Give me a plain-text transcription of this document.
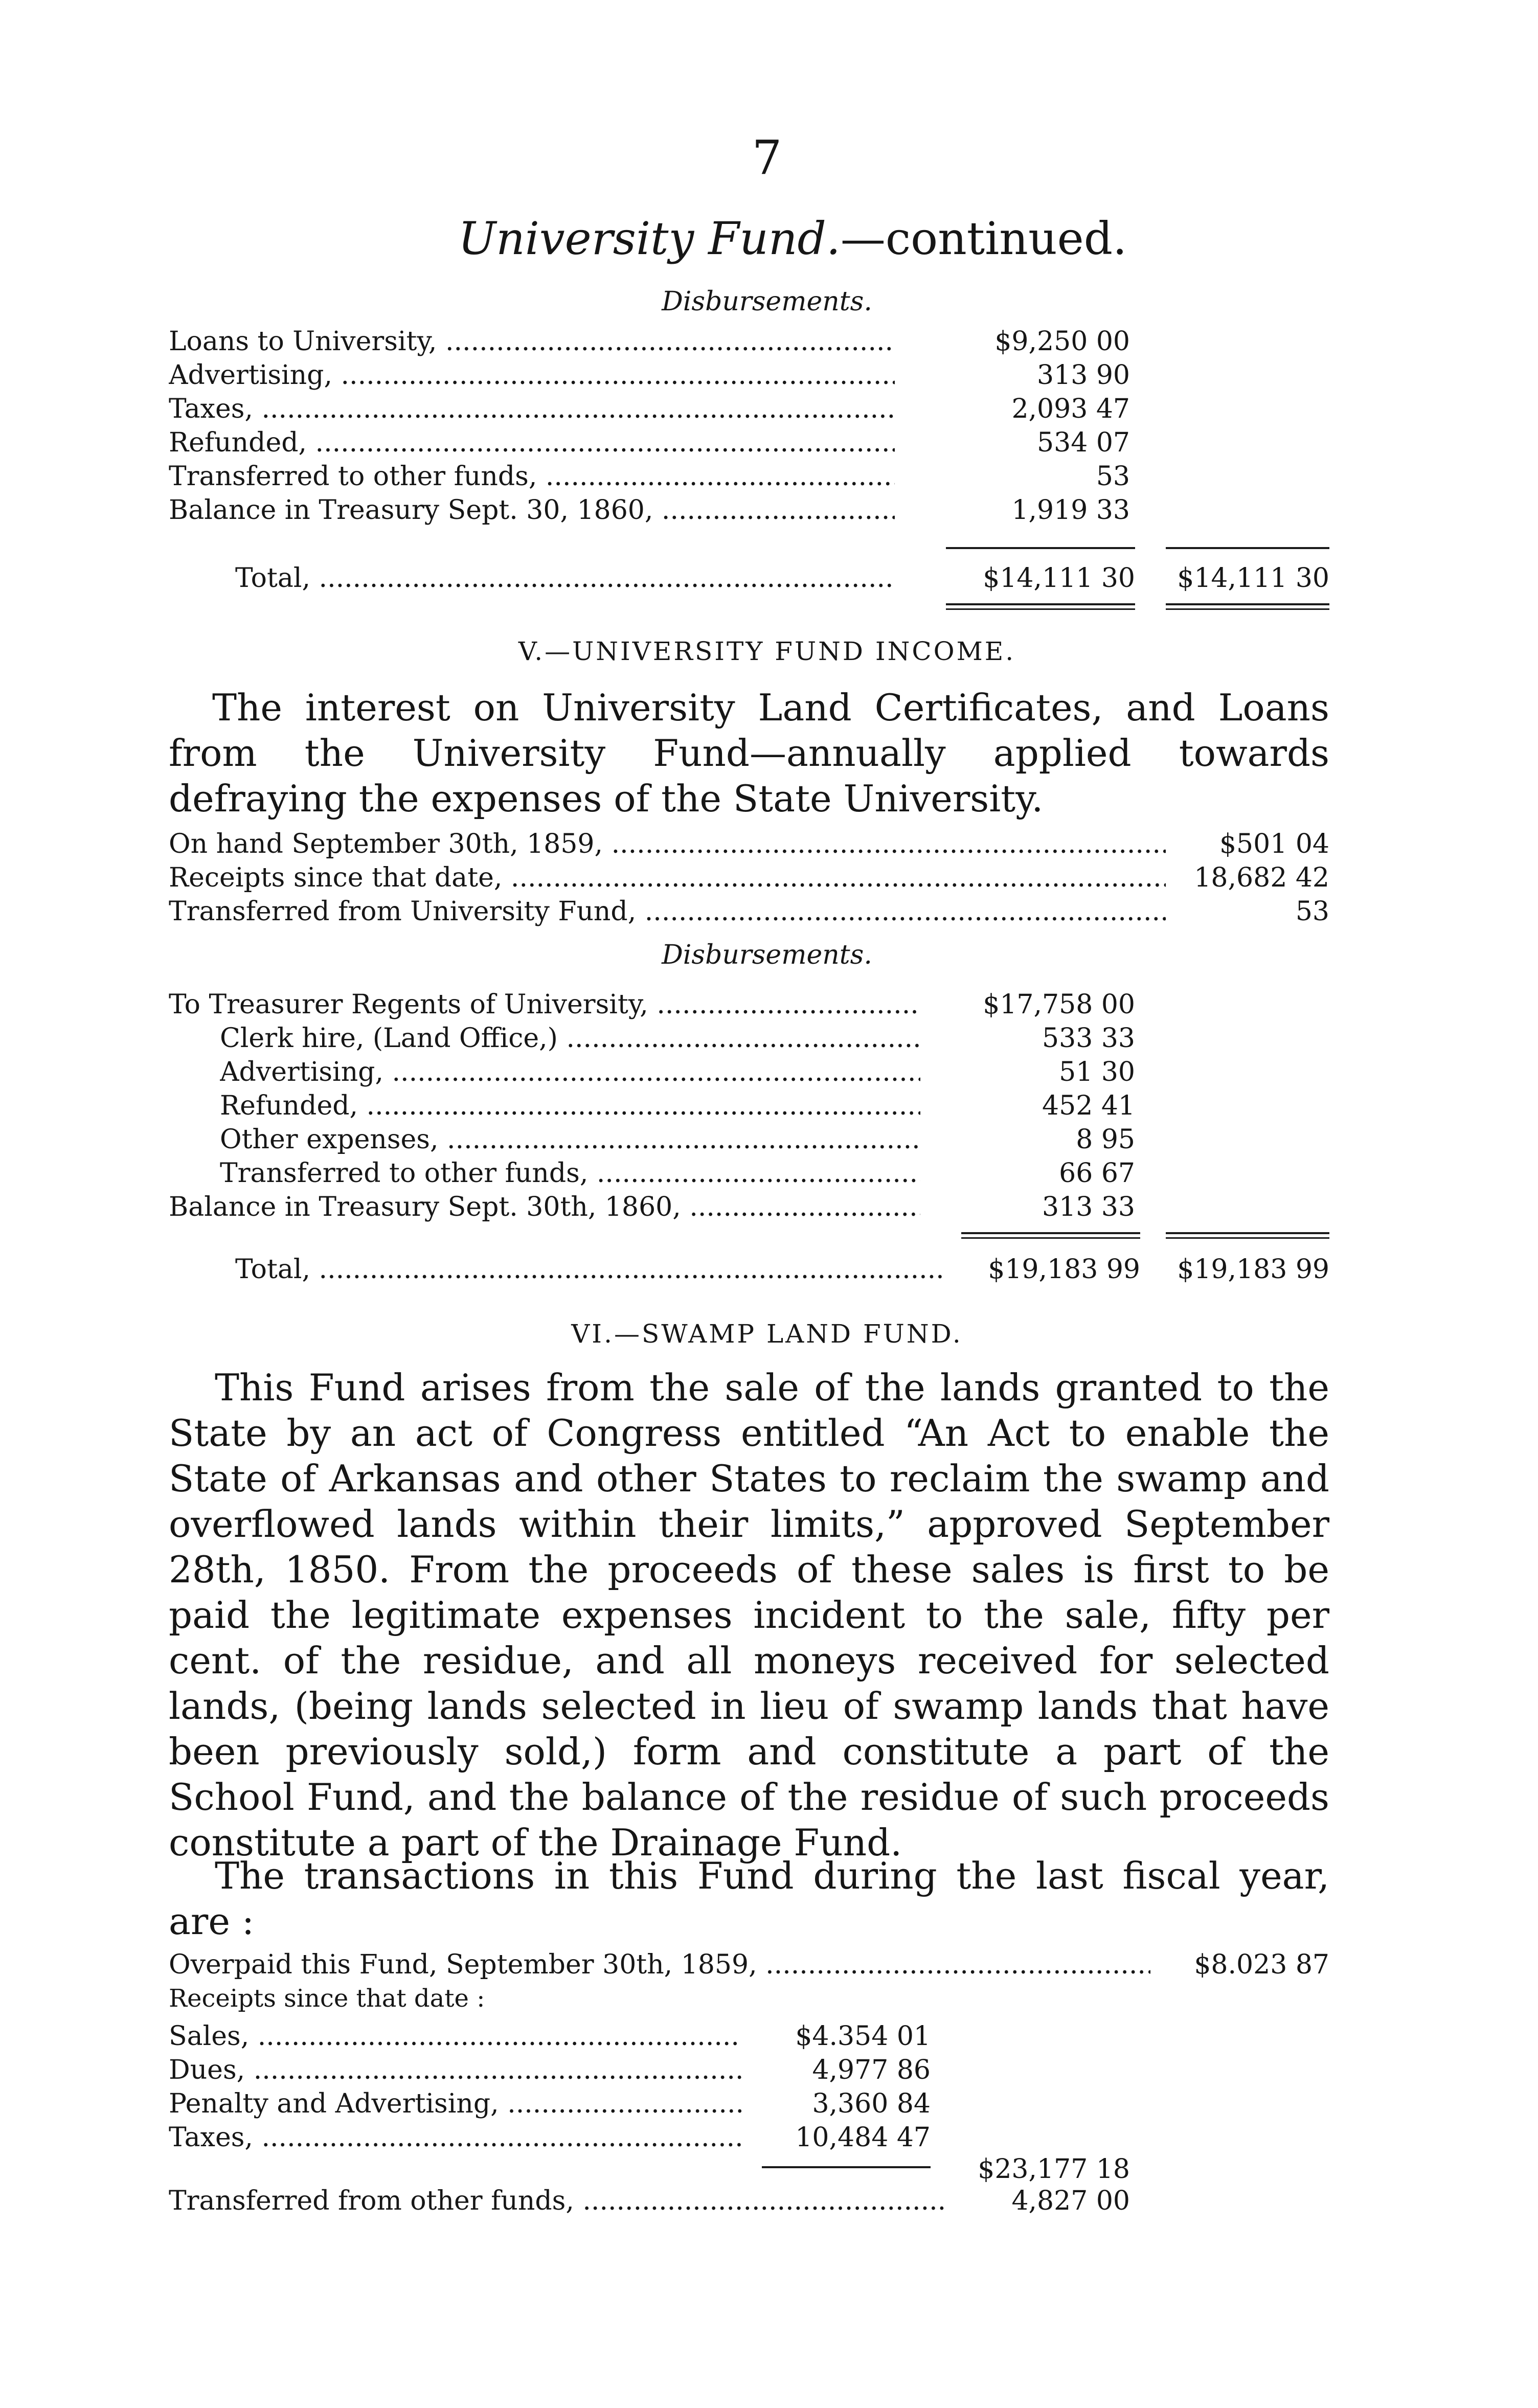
7
University Fund.—continued.
Disbursements.
Loans to University, .....	$9,250 00
Advertising, .....	313 90
Taxes, .....	2,093 47
Refunded, .....	534 07
Transferred to other funds, .....	53
Balance in Treasury Sept. 30, 1860, .....	1,919 33
Total, .....	$14,111 30	$14,111 30
V.—UNIVERSITY FUND INCOME.
The interest on University Land Certificates, and Loans from the University Fund—annually applied towards defraying the expenses of the State University.
On hand September 30th, 1859, .....	$501 04
Receipts since that date, .....	18,682 42
Transferred from University Fund, .....	53
Disbursements.
To Treasurer Regents of University, .....	$17,758 00
Clerk hire, (Land Office,) .....	533 33
Advertising, .....	51 30
Refunded, .....	452 41
Other expenses, .....	8 95
Transferred to other funds, .....	66 67
Balance in Treasury Sept. 30th, 1860, .....	313 33
Total, .....	$19,183 99	$19,183 99
VI.—SWAMP LAND FUND.
This Fund arises from the sale of the lands granted to the State by an act of Congress entitled “An Act to enable the State of Arkansas and other States to reclaim the swamp and overflowed lands within their limits,” approved September 28th, 1850. From the proceeds of these sales is first to be paid the legitimate expenses incident to the sale, fifty per cent. of the residue, and all moneys received for selected lands, (being lands selected in lieu of swamp lands that have been previously sold,) form and constitute a part of the School Fund, and the balance of the residue of such proceeds constitute a part of the Drainage Fund.
The transactions in this Fund during the last fiscal year, are :
Overpaid this Fund, September 30th, 1859, .....	$8.023 87
Receipts since that date :
Sales, .....	$4.354 01
Dues, .....	4,977 86
Penalty and Advertising, .....	3,360 84
Taxes, .....	10,484 47
$23,177 18
Transferred from other funds, .....	4,827 00
